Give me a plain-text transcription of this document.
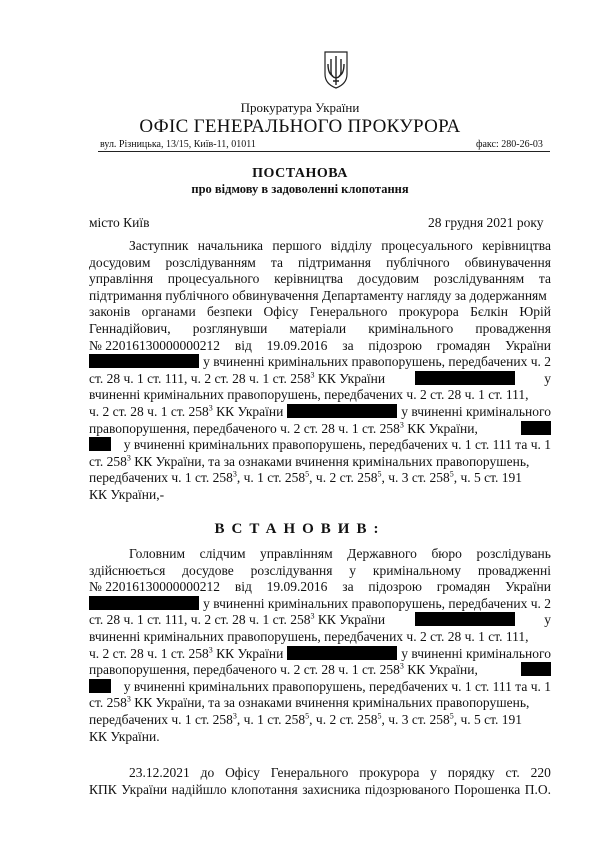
Прокуратура України
ОФІС ГЕНЕРАЛЬНОГО ПРОКУРОРА
вул. Різницька, 13/15, Київ-11, 01011	факс: 280-26-03
ПОСТАНОВА
про відмову в задоволенні клопотання
місто Київ	28 грудня 2021 року
Заступник начальника першого відділу процесуального керівництва
досудовим розслідуванням та підтримання публічного обвинувачення
управління процесуального керівництва досудовим розслідуванням та
підтримання публічного обвинувачення Департаменту нагляду за додержанням
законів органами безпеки Офісу Генерального прокурора Бєлкін Юрій
Геннадійович, розглянувши матеріали кримінального провадження
№ 22016130000000212 від 19.09.2016 за підозрою громадян України
у вчиненні кримінальних правопорушень, передбачених ч. 2
ст. 28 ч. 1 ст. 111, ч. 2 ст. 28 ч. 1 ст. $258^3$ КК України	у
вчиненні кримінальних правопорушень, передбачених ч. 2 ст. 28 ч. 1 ст. 111,
ч. 2 ст. 28 ч. 1 ст. $258^3$ КК України	у вчиненні кримінального
правопорушення, передбаченого ч. 2 ст. 28 ч. 1 ст. $258^3$ КК України,
у вчиненні кримінальних правопорушень, передбачених ч. 1 ст. 111 та ч. 1
ст. $258^3$ КК України, та за ознаками вчинення кримінальних правопорушень,
передбачених ч. 1 ст. $258^3$, ч. 1 ст. $258^5$, ч. 2 ст. $258^5$, ч. 3 ст. $258^5$, ч. 5 ст. 191
КК України,-
ВСТАНОВИВ:
Головним слідчим управлінням Державного бюро розслідувань
здійснюється досудове розслідування у кримінальному провадженні
№ 22016130000000212 від 19.09.2016 за підозрою громадян України
у вчиненні кримінальних правопорушень, передбачених ч. 2
ст. 28 ч. 1 ст. 111, ч. 2 ст. 28 ч. 1 ст. $258^3$ КК України	у
вчиненні кримінальних правопорушень, передбачених ч. 2 ст. 28 ч. 1 ст. 111,
ч. 2 ст. 28 ч. 1 ст. $258^3$ КК України	у вчиненні кримінального
правопорушення, передбаченого ч. 2 ст. 28 ч. 1 ст. $258^3$ КК України,
у вчиненні кримінальних правопорушень, передбачених ч. 1 ст. 111 та ч. 1
ст. $258^3$ КК України, та за ознаками вчинення кримінальних правопорушень,
передбачених ч. 1 ст. $258^3$, ч. 1 ст. $258^5$, ч. 2 ст. $258^5$, ч. 3 ст. $258^5$, ч. 5 ст. 191
КК України.
23.12.2021 до Офісу Генерального прокурора у порядку ст. 220
КПК України надійшло клопотання захисника підозрюваного Порошенка П.О.
